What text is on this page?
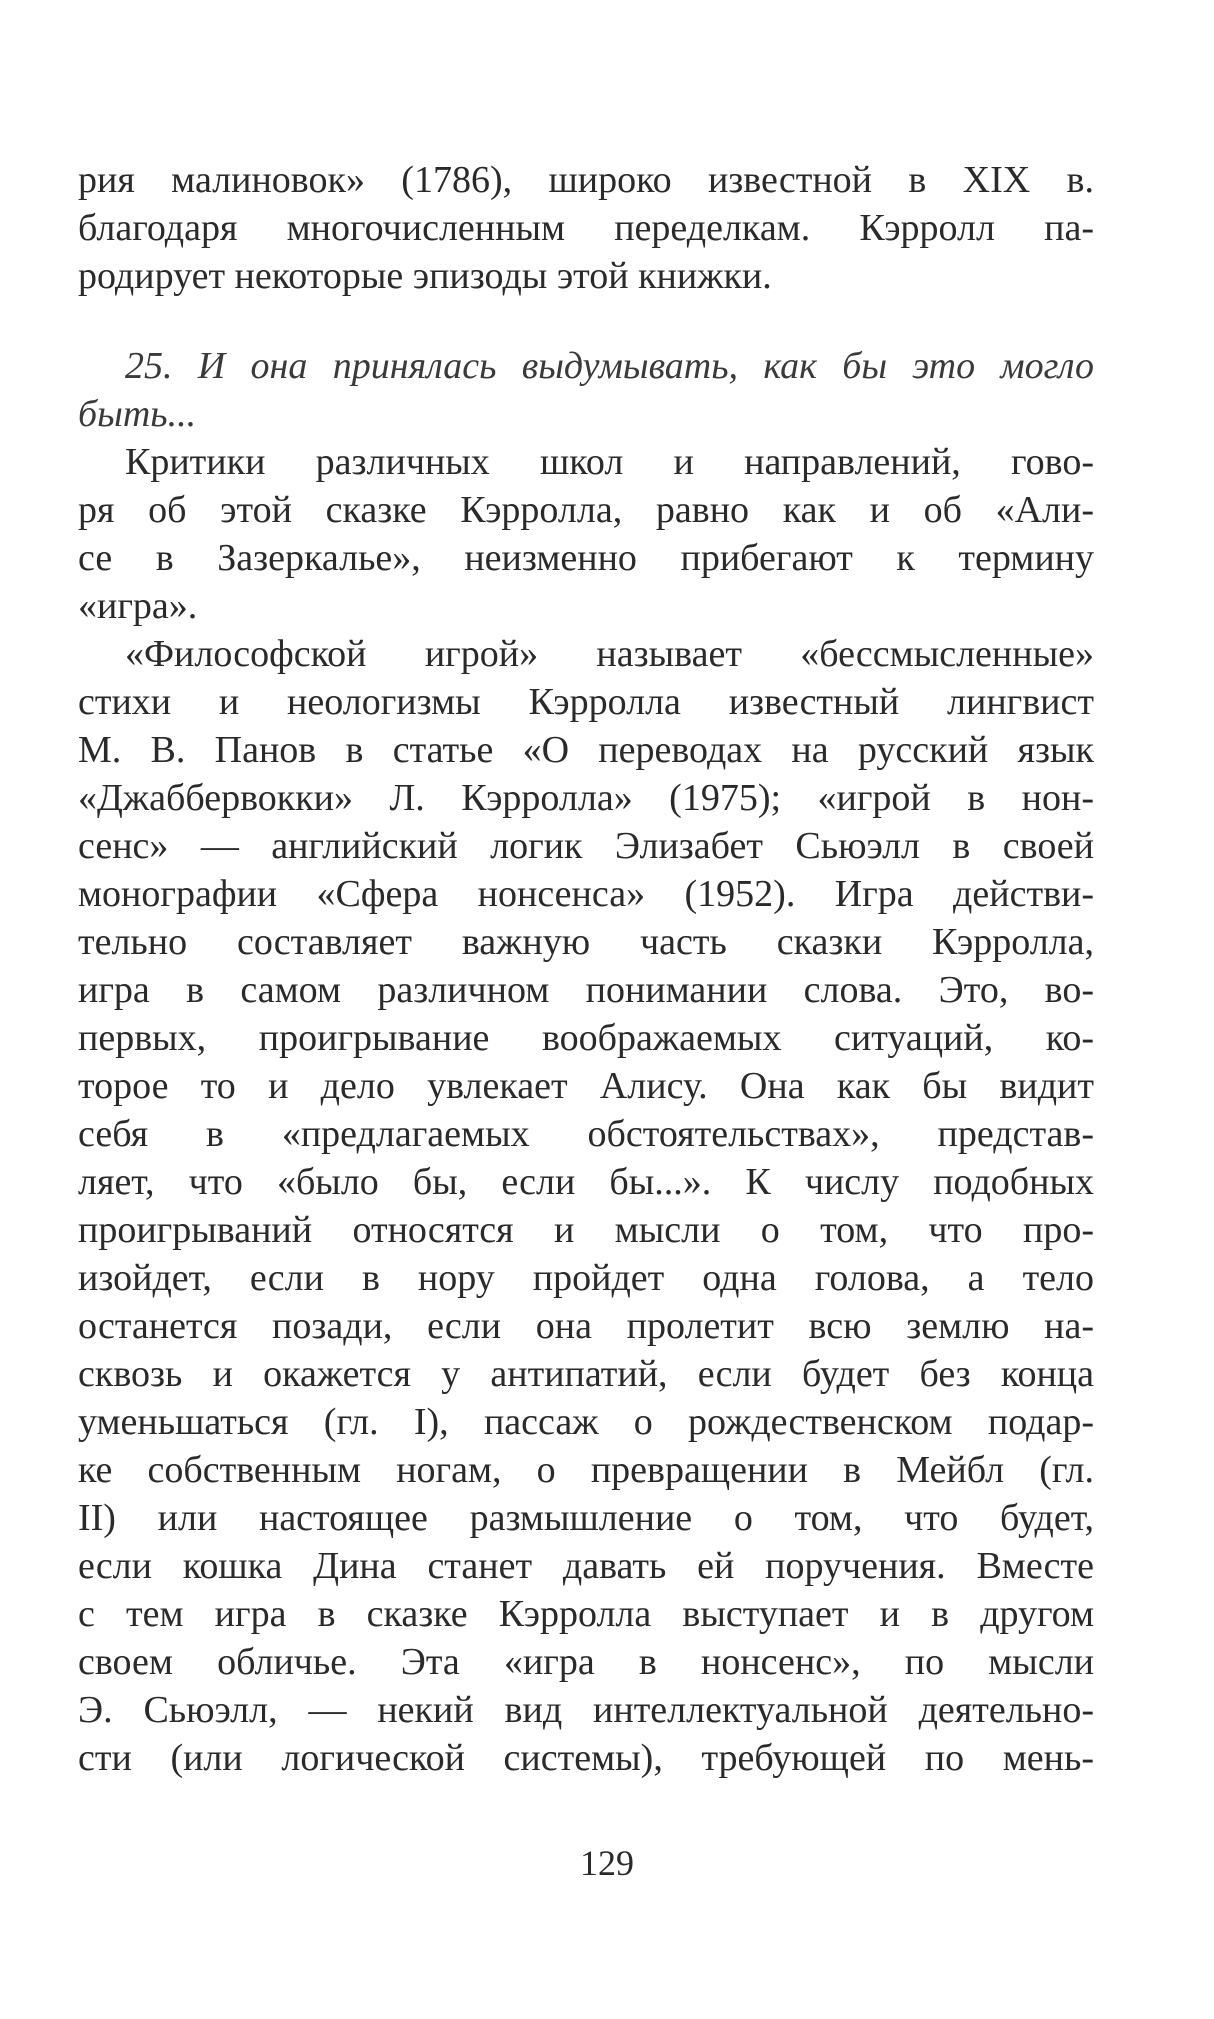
рия малиновок» (1786), широко известной в XIX в.

благодаря многочисленным переделкам. Кэрролл па-

родирует некоторые эпизоды этой книжки.

25. И она принялась выдумывать, как бы это могло

быть...

Критики различных школ и направлений, гово-

ря об этой сказке Кэрролла, равно как и об «Али-

се в Зазеркалье», неизменно прибегают к термину

«игра».

«Философской игрой» называет «бессмысленные»

стихи и неологизмы Кэрролла известный лингвист

М. В. Панов в статье «О переводах на русский язык

«Джаббервокки» Л. Кэрролла» (1975); «игрой в нон-

сенс» — английский логик Элизабет Сьюэлл в своей

монографии «Сфера нонсенса» (1952). Игра действи-

тельно составляет важную часть сказки Кэрролла,

игра в самом различном понимании слова. Это, во-

первых, проигрывание воображаемых ситуаций, ко-

торое то и дело увлекает Алису. Она как бы видит

себя в «предлагаемых обстоятельствах», представ-

ляет, что «было бы, если бы...». К числу подобных

проигрываний относятся и мысли о том, что про-

изойдет, если в нору пройдет одна голова, а тело

останется позади, если она пролетит всю землю на-

сквозь и окажется у антипатий, если будет без конца

уменьшаться (гл. I), пассаж о рождественском подар-

ке собственным ногам, о превращении в Мейбл (гл.

II) или настоящее размышление о том, что будет,

если кошка Дина станет давать ей поручения. Вместе

с тем игра в сказке Кэрролла выступает и в другом

своем обличье. Эта «игра в нонсенс», по мысли

Э. Сьюэлл, — некий вид интеллектуальной деятельно-

сти (или логической системы), требующей по мень-

129
